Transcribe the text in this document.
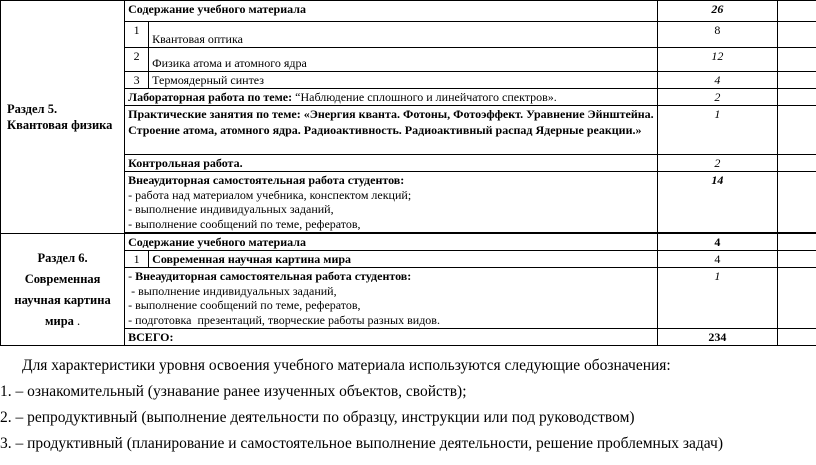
Раздел 5.
Квантовая физика	Содержание учебного материала		26	
	1	Квантовая оптика	8	
	2	Физика атома и атомного ядра	12	
	3	Термоядерный синтез	4	
	Лабораторная работа по теме: “Наблюдение сплошного и линейчатого спектров».		2	
	Практические занятия по теме: «Энергия кванта. Фотоны, Фотоэффект. Уравнение Эйнштейна. Строение атома, атомного ядра. Радиоактивность. Радиоактивный распад Ядерные реакции.»		1	
	Контрольная работа.		2	

	Внеаудиторная самостоятельная работа студентов:
- работа над материалом учебника, конспектом лекций;
- выполнение индивидуальных заданий,
- выполнение сообщений по теме, рефератов,		14	

Раздел 6.
Современная
научная картина
мира .	Содержание учебного материала		4	
	1	Современная научная картина мира	4	

	- Внеаудиторная самостоятельная работа студентов:
- выполнение индивидуальных заданий,
- выполнение сообщений по теме, рефератов,
- подготовка  презентаций, творческие работы разных видов.		1	
	ВСЕГО:		234	

Для характеристики уровня освоения учебного материала используются следующие обозначения:

1. – ознакомительный (узнавание ранее изученных объектов, свойств);

2. – репродуктивный (выполнение деятельности по образцу, инструкции или под руководством)

3. – продуктивный (планирование и самостоятельное выполнение деятельности, решение проблемных задач)
